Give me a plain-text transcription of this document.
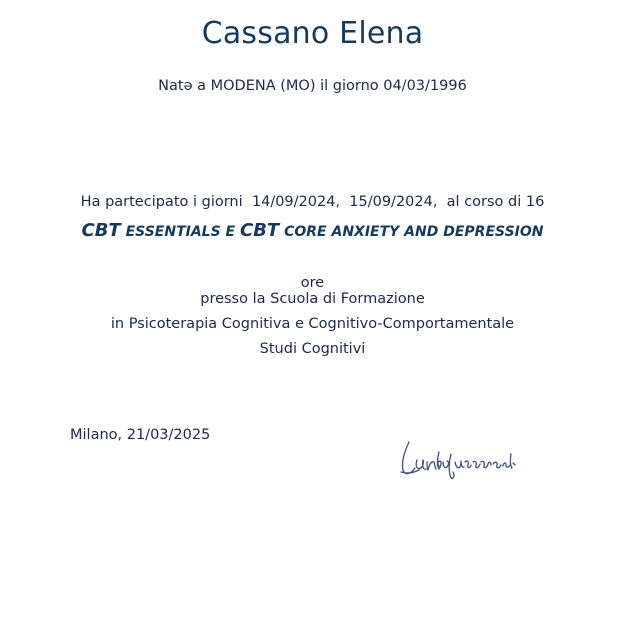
Cassano Elena
Natə a MODENA (MO) il giorno 04/03/1996

Ha partecipato i giorni  14/09/2024,  15/09/2024,  al corso di 16

ore

CBT ESSENTIALS E CBT CORE ANXIETY AND DEPRESSION
presso la Scuola di Formazione
in Psicoterapia Cognitiva e Cognitivo-Comportamentale
Studi Cognitivi
Milano, 21/03/2025
